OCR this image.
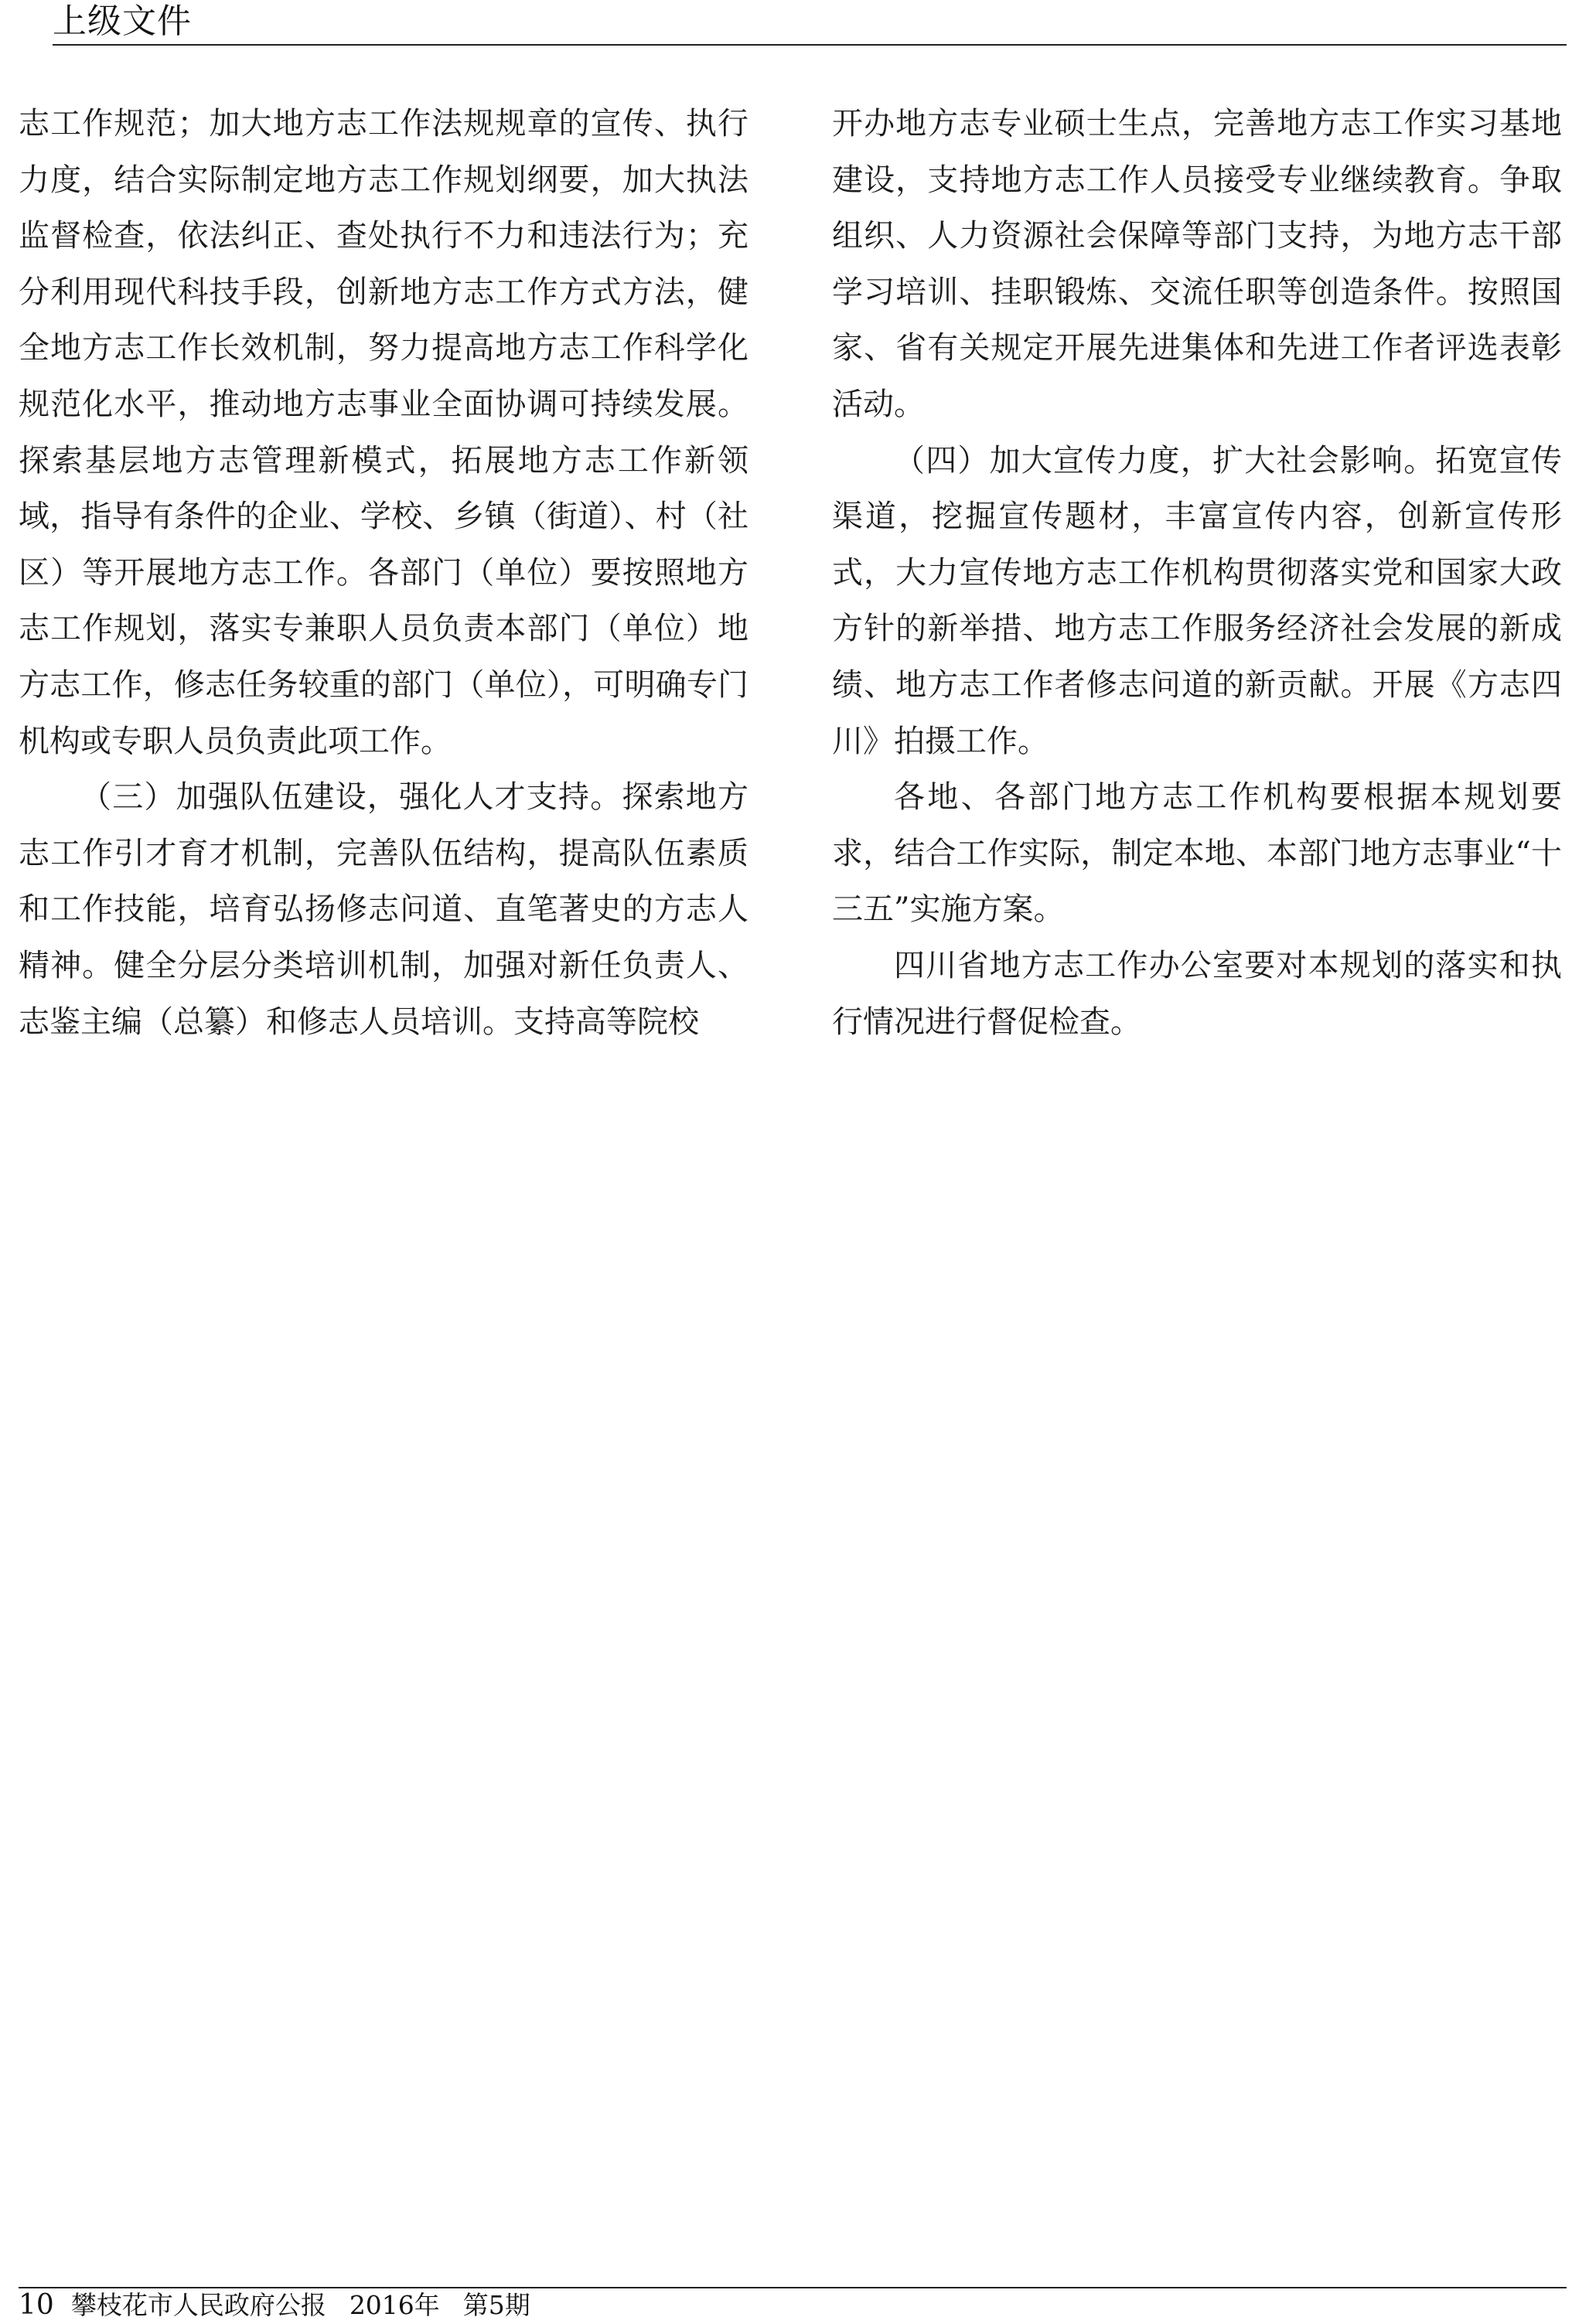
上级文件

志工作规范；加大地方志工作法规规章的宣传、执行力度，结合实际制定地方志工作规划纲要，加大执法监督检查，依法纠正、查处执行不力和违法行为；充分利用现代科技手段，创新地方志工作方式方法，健全地方志工作长效机制，努力提高地方志工作科学化规范化水平，推动地方志事业全面协调可持续发展。探索基层地方志管理新模式，拓展地方志工作新领域，指导有条件的企业、学校、乡镇（街道）、村（社区）等开展地方志工作。各部门（单位）要按照地方志工作规划，落实专兼职人员负责本部门（单位）地方志工作，修志任务较重的部门（单位），可明确专门机构或专职人员负责此项工作。

（三）加强队伍建设，强化人才支持。探索地方志工作引才育才机制，完善队伍结构，提高队伍素质和工作技能，培育弘扬修志问道、直笔著史的方志人精神。健全分层分类培训机制，加强对新任负责人、志鉴主编（总纂）和修志人员培训。支持高等院校

开办地方志专业硕士生点，完善地方志工作实习基地建设，支持地方志工作人员接受专业继续教育。争取组织、人力资源社会保障等部门支持，为地方志干部学习培训、挂职锻炼、交流任职等创造条件。按照国家、省有关规定开展先进集体和先进工作者评选表彰活动。

（四）加大宣传力度，扩大社会影响。拓宽宣传渠道，挖掘宣传题材，丰富宣传内容，创新宣传形式，大力宣传地方志工作机构贯彻落实党和国家大政方针的新举措、地方志工作服务经济社会发展的新成绩、地方志工作者修志问道的新贡献。开展《方志四川》拍摄工作。

各地、各部门地方志工作机构要根据本规划要求，结合工作实际，制定本地、本部门地方志事业“十三五”实施方案。

四川省地方志工作办公室要对本规划的落实和执行情况进行督促检查。

10 攀枝花市人民政府公报 2016年 第5期
